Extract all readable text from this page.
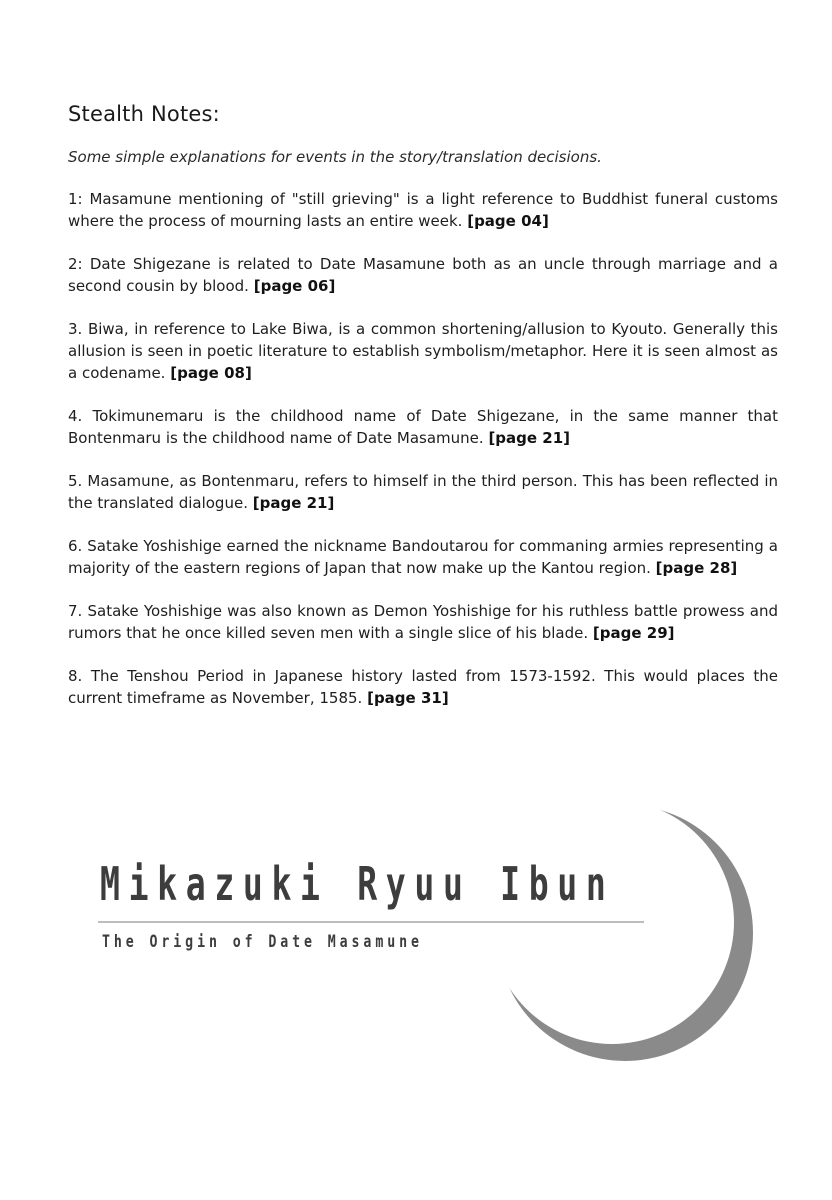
Stealth Notes:

Some simple explanations for events in the story/translation decisions.

1: Masamune mentioning of "still grieving" is a light reference to Buddhist funeral customs where the process of mourning lasts an entire week. [page 04]
2: Date Shigezane is related to Date Masamune both as an uncle through marriage and a second cousin by blood. [page 06]
3. Biwa, in reference to Lake Biwa, is a common shortening/allusion to Kyouto. Generally this allusion is seen in poetic literature to establish symbolism/metaphor. Here it is seen almost as a codename. [page 08]
4. Tokimunemaru is the childhood name of Date Shigezane, in the same manner that Bontenmaru is the childhood name of Date Masamune. [page 21]
5. Masamune, as Bontenmaru, refers to himself in the third person. This has been reflected in the translated dialogue. [page 21]
6. Satake Yoshishige earned the nickname Bandoutarou for commaning armies representing a majority of the eastern regions of Japan that now make up the Kantou region. [page 28]
7. Satake Yoshishige was also known as Demon Yoshishige for his ruthless battle prowess and rumors that he once killed seven men with a single slice of his blade. [page 29]
8. The Tenshou Period in Japanese history lasted from 1573-1592. This would places the current timeframe as November, 1585. [page 31]
Mikazuki Ryuu Ibun
The Origin of Date Masamune
